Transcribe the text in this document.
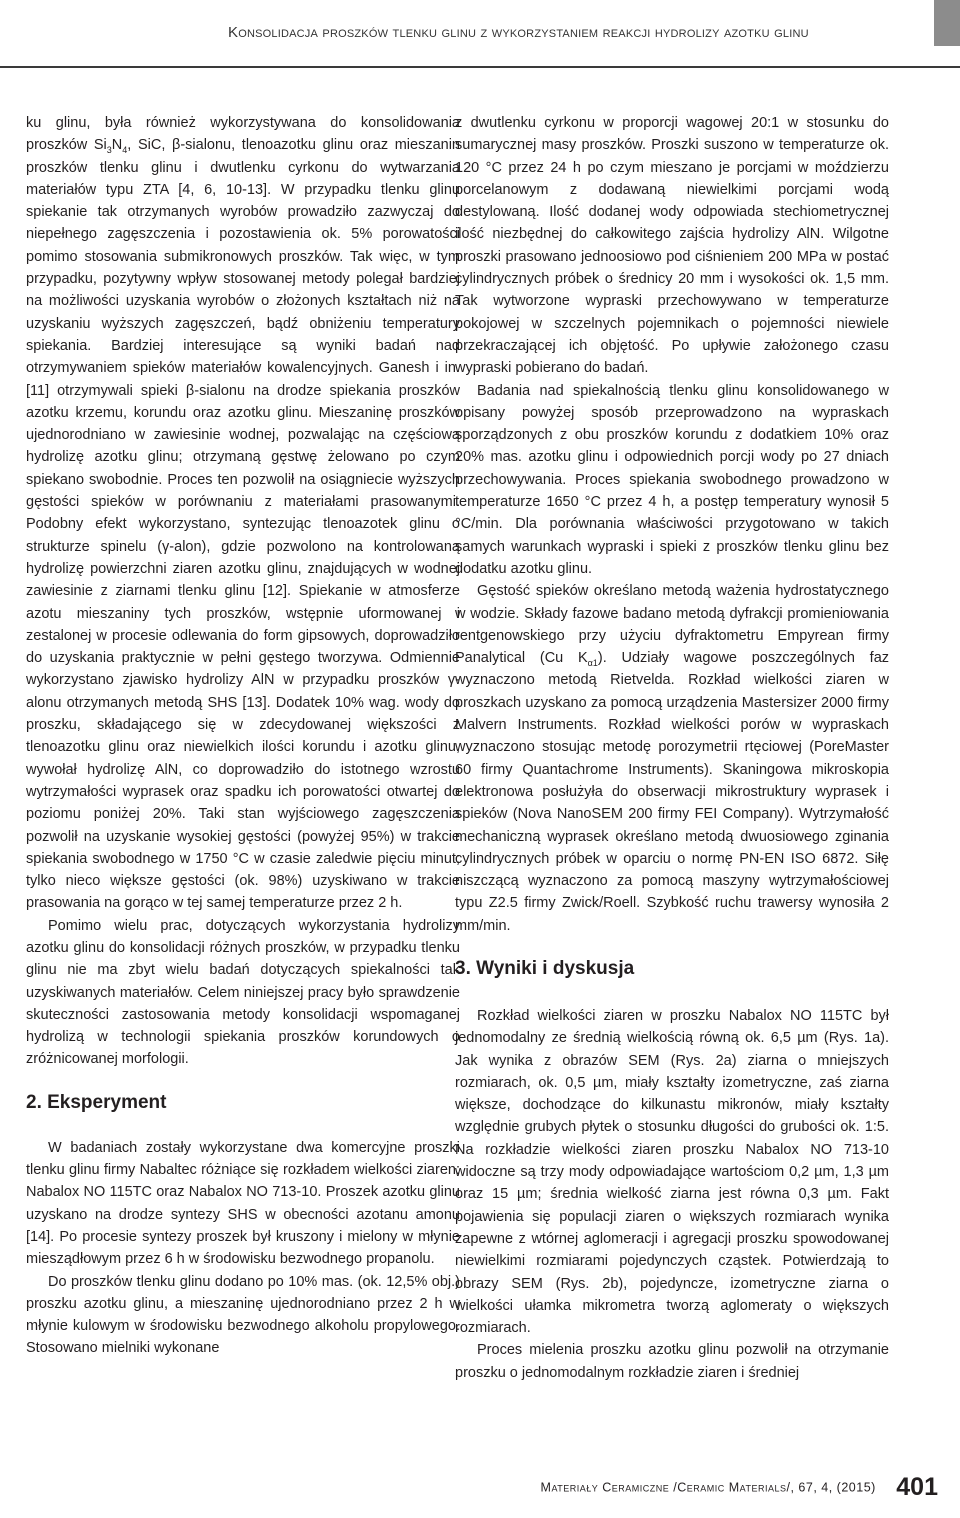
Konsolidacja proszków tlenku glinu z wykorzystaniem reakcji hydrolizy azotku glinu

ku glinu, była również wykorzystywana do konsolidowania proszków $Si_3N_4$, SiC, β-sialonu, tlenoazotku glinu oraz mieszanin proszków tlenku glinu i dwutlenku cyrkonu do wytwarzania materiałów typu ZTA [4, 6, 10-13]. W przypadku tlenku glinu spiekanie tak otrzymanych wyrobów prowadziło zazwyczaj do niepełnego zagęszczenia i pozostawienia ok. 5% porowatości pomimo stosowania submikronowych proszków. Tak więc, w tym przypadku, pozytywny wpływ stosowanej metody polegał bardziej na możliwości uzyskania wyrobów o złożonych kształtach niż na uzyskaniu wyższych zagęszczeń, bądź obniżeniu temperatury spiekania. Bardziej interesujące są wyniki badań nad otrzymywaniem spieków materiałów kowalencyjnych. Ganesh i in. [11] otrzymywali spieki β-sialonu na drodze spiekania proszków azotku krzemu, korundu oraz azotku glinu. Mieszaninę proszków ujednorodniano w zawiesinie wodnej, pozwalając na częściową hydrolizę azotku glinu; otrzymaną gęstwę żelowano po czym spiekano swobodnie. Proces ten pozwolił na osiągniecie wyższych gęstości spieków w porównaniu z materiałami prasowanymi. Podobny efekt wykorzystano, syntezując tlenoazotek glinu o strukturze spinelu (γ-alon), gdzie pozwolono na kontrolowaną hydrolizę powierzchni ziaren azotku glinu, znajdujących w wodnej zawiesinie z ziarnami tlenku glinu [12]. Spiekanie w atmosferze azotu mieszaniny tych proszków, wstępnie uformowanej i zestalonej w procesie odlewania do form gipsowych, doprowadziło do uzyskania praktycznie w pełni gęstego tworzywa. Odmiennie wykorzystano zjawisko hydrolizy AlN w przypadku proszków γ-alonu otrzymanych metodą SHS [13]. Dodatek 10% wag. wody do proszku, składającego się w zdecydowanej większości z tlenoazotku glinu oraz niewielkich ilości korundu i azotku glinu, wywołał hydrolizę AlN, co doprowadziło do istotnego wzrostu wytrzymałości wyprasek oraz spadku ich porowatości otwartej do poziomu poniżej 20%. Taki stan wyjściowego zagęszczenia pozwolił na uzyskanie wysokiej gęstości (powyżej 95%) w trakcie spiekania swobodnego w 1750 °C w czasie zaledwie pięciu minut; tylko nieco większe gęstości (ok. 98%) uzyskiwano w trakcie prasowania na gorąco w tej samej temperaturze przez 2 h.

Pomimo wielu prac, dotyczących wykorzystania hydrolizy azotku glinu do konsolidacji różnych proszków, w przypadku tlenku glinu nie ma zbyt wielu badań dotyczących spiekalności tak uzyskiwanych materiałów. Celem niniejszej pracy było sprawdzenie skuteczności zastosowania metody konsolidacji wspomaganej hydrolizą w technologii spiekania proszków korundowych o zróżnicowanej morfologii.

2. Eksperyment

W badaniach zostały wykorzystane dwa komercyjne proszki tlenku glinu firmy Nabaltec różniące się rozkładem wielkości ziaren: Nabalox NO 115TC oraz Nabalox NO 713-10. Proszek azotku glinu uzyskano na drodze syntezy SHS w obecności azotanu amonu [14]. Po procesie syntezy proszek był kruszony i mielony w młynie miesządłowym przez 6 h w środowisku bezwodnego propanolu.

Do proszków tlenku glinu dodano po 10% mas. (ok. 12,5% obj.) proszku azotku glinu, a mieszaninę ujednorodniano przez 2 h w młynie kulowym w środowisku bezwodnego alkoholu propylowego. Stosowano mielniki wykonane

z dwutlenku cyrkonu w proporcji wagowej 20:1 w stosunku do sumarycznej masy proszków. Proszki suszono w temperaturze ok. 120 °C przez 24 h po czym mieszano je porcjami w moździerzu porcelanowym z dodawaną niewielkimi porcjami wodą destylowaną. Ilość dodanej wody odpowiada stechiometrycznej ilość niezbędnej do całkowitego zajścia hydrolizy AlN. Wilgotne proszki prasowano jednoosiowo pod ciśnieniem 200 MPa w postać cylindrycznych próbek o średnicy 20 mm i wysokości ok. 1,5 mm. Tak wytworzone wypraski przechowywano w temperaturze pokojowej w szczelnych pojemnikach o pojemności niewiele przekraczającej ich objętość. Po upływie założonego czasu wypraski pobierano do badań.

Badania nad spiekalnością tlenku glinu konsolidowanego w opisany powyżej sposób przeprowadzono na wypraskach sporządzonych z obu proszków korundu z dodatkiem 10% oraz 20% mas. azotku glinu i odpowiednich porcji wody po 27 dniach przechowywania. Proces spiekania swobodnego prowadzono w temperaturze 1650 °C przez 4 h, a postęp temperatury wynosił 5 °C/min. Dla porównania właściwości przygotowano w takich samych warunkach wypraski i spieki z proszków tlenku glinu bez dodatku azotku glinu.

Gęstość spieków określano metodą ważenia hydrostatycznego w wodzie. Składy fazowe badano metodą dyfrakcji promieniowania rentgenowskiego przy użyciu dyfraktometru Empyrean firmy Panalytical (Cu $K_{\alpha 1}$). Udziały wagowe poszczególnych faz wyznaczono metodą Rietvelda. Rozkład wielkości ziaren w proszkach uzyskano za pomocą urządzenia Mastersizer 2000 firmy Malvern Instruments. Rozkład wielkości porów w wypraskach wyznaczono stosując metodę porozymetrii rtęciowej (PoreMaster 60 firmy Quantachrome Instruments). Skaningowa mikroskopia elektronowa posłużyła do obserwacji mikrostruktury wyprasek i spieków (Nova NanoSEM 200 firmy FEI Company). Wytrzymałość mechaniczną wyprasek określano metodą dwuosiowego zginania cylindrycznych próbek w oparciu o normę PN-EN ISO 6872. Siłę niszczącą wyznaczono za pomocą maszyny wytrzymałościowej typu Z2.5 firmy Zwick/Roell. Szybkość ruchu trawersy wynosiła 2 mm/min.

3. Wyniki i dyskusja

Rozkład wielkości ziaren w proszku Nabalox NO 115TC był jednomodalny ze średnią wielkością równą ok. 6,5 µm (Rys. 1a). Jak wynika z obrazów SEM (Rys. 2a) ziarna o mniejszych rozmiarach, ok. 0,5 µm, miały kształty izometryczne, zaś ziarna większe, dochodzące do kilkunastu mikronów, miały kształty względnie grubych płytek o stosunku długości do grubości ok. 1:5. Na rozkładzie wielkości ziaren proszku Nabalox NO 713-10 widoczne są trzy mody odpowiadające wartościom 0,2 µm, 1,3 µm oraz 15 µm; średnia wielkość ziarna jest równa 0,3 µm. Fakt pojawienia się populacji ziaren o większych rozmiarach wynika zapewne z wtórnej aglomeracji i agregacji proszku spowodowanej niewielkimi rozmiarami pojedynczych cząstek. Potwierdzają to obrazy SEM (Rys. 2b), pojedyncze, izometryczne ziarna o wielkości ułamka mikrometra tworzą aglomeraty o większych rozmiarach.

Proces mielenia proszku azotku glinu pozwolił na otrzymanie proszku o jednomodalnym rozkładzie ziaren i średniej

Materiały Ceramiczne /Ceramic Materials/, 67, 4, (2015) 401
